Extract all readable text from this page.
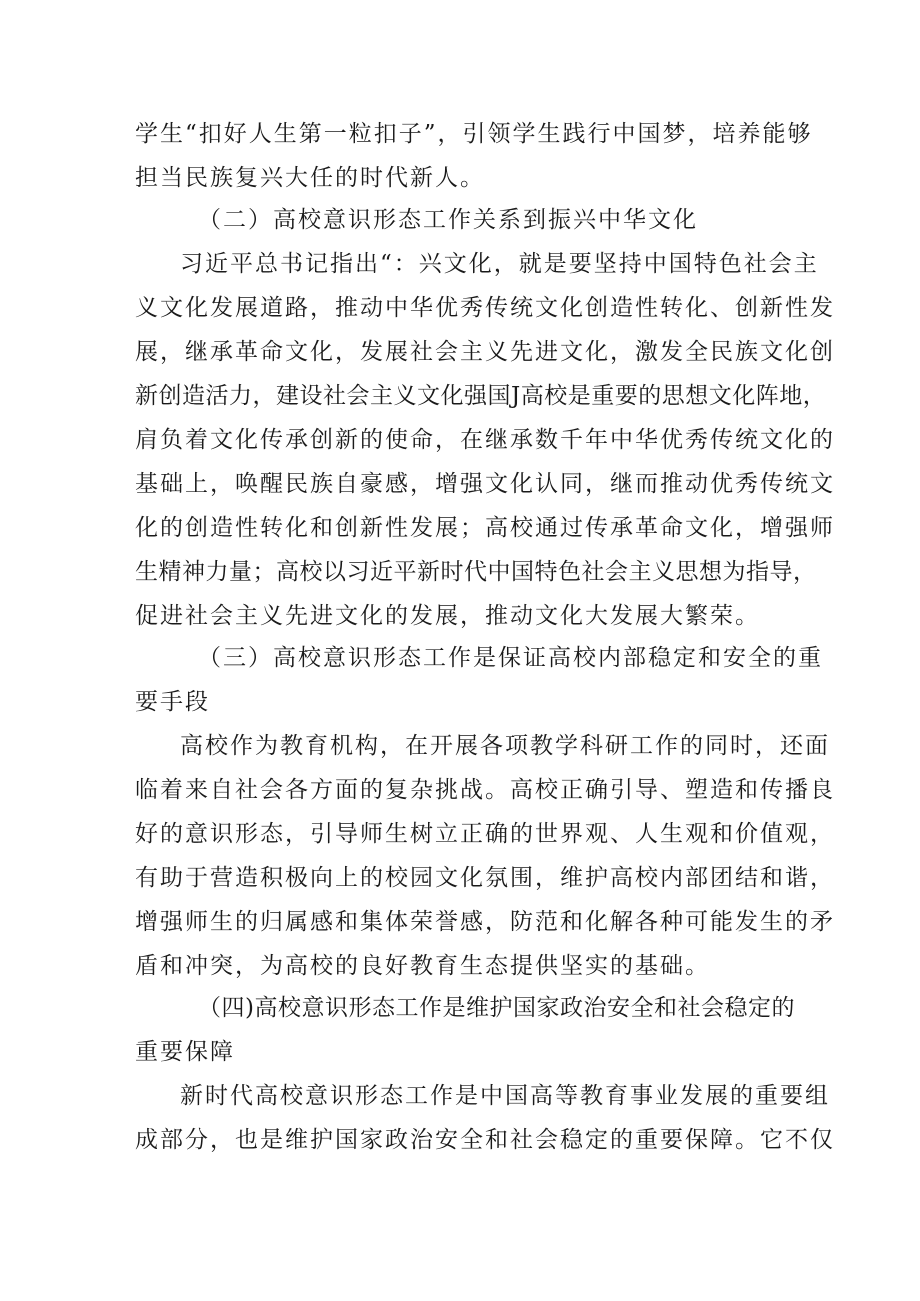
学生“扣好人生第一粒扣子”，引领学生践行中国梦，培养能够
担当民族复兴大任的时代新人。
（二）高校意识形态工作关系到振兴中华文化
习近平总书记指出“：兴文化，就是要坚持中国特色社会主
义文化发展道路，推动中华优秀传统文化创造性转化、创新性发
展，继承革命文化，发展社会主义先进文化，激发全民族文化创
新创造活力，建设社会主义文化强国J高校是重要的思想文化阵地，
肩负着文化传承创新的使命，在继承数千年中华优秀传统文化的
基础上，唤醒民族自豪感，增强文化认同，继而推动优秀传统文
化的创造性转化和创新性发展；高校通过传承革命文化，增强师
生精神力量；高校以习近平新时代中国特色社会主义思想为指导，
促进社会主义先进文化的发展，推动文化大发展大繁荣。
（三）高校意识形态工作是保证高校内部稳定和安全的重
要手段
高校作为教育机构，在开展各项教学科研工作的同时，还面
临着来自社会各方面的复杂挑战。高校正确引导、塑造和传播良
好的意识形态，引导师生树立正确的世界观、人生观和价值观，
有助于营造积极向上的校园文化氛围，维护高校内部团结和谐，
增强师生的归属感和集体荣誉感，防范和化解各种可能发生的矛
盾和冲突，为高校的良好教育生态提供坚实的基础。
（四)高校意识形态工作是维护国家政治安全和社会稳定的
重要保障
新时代高校意识形态工作是中国高等教育事业发展的重要组
成部分，也是维护国家政治安全和社会稳定的重要保障。它不仅
